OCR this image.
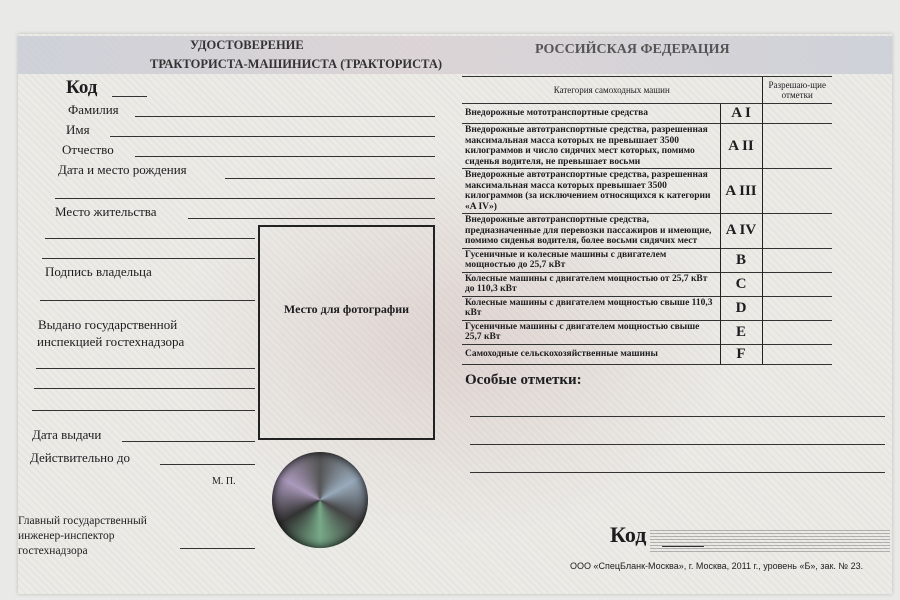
УДОСТОВЕРЕНИЕ
ТРАКТОРИСТА-МАШИНИСТА (ТРАКТОРИСТА)
РОССИЙСКАЯ ФЕДЕРАЦИЯ
Код
Фамилия
Имя
Отчество
Дата и место рождения
Место жительства
Подпись владельца
Выдано государственной
инспекцией гостехнадзора
Дата выдачи
Действительно до
М. П.
Главный государственный
инженер-инспектор
гостехнадзора
Место для фотографии
Категория самоходных машин		Разрешаю-щие отметки
Внедорожные мототранспортные средства	A I	
Внедорожные автотранспортные средства, разрешенная максимальная масса которых не превышает 3500 килограммов и число сидячих мест которых, помимо сиденья водителя, не превышает восьми	A II	
Внедорожные автотранспортные средства, разрешенная максимальная масса которых превышает 3500 килограммов (за исключением относящихся к категории «A IV»)	A III	
Внедорожные автотранспортные средства, предназначенные для перевозки пассажиров и имеющие, помимо сиденья водителя, более восьми сидячих мест	A IV	
Гусеничные и колесные машины с двигателем мощностью до 25,7 кВт	B	
Колесные машины с двигателем мощностью от 25,7 кВт до 110,3 кВт	C	
Колесные машины с двигателем мощностью свыше 110,3 кВт	D	
Гусеничные машины с двигателем мощностью свыше 25,7 кВт	E	
Самоходные сельскохозяйственные машины	F	
Особые отметки:
Код
ООО «СпецБланк-Москва», г. Москва, 2011 г., уровень «Б», зак. № 23.
